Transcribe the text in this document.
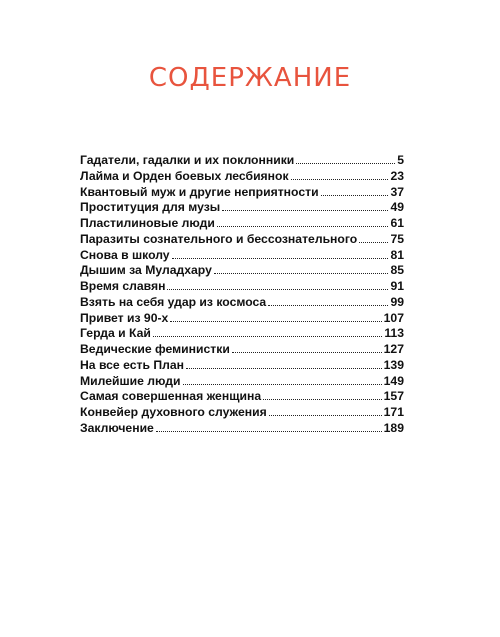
СОДЕРЖАНИЕ
Гадатели, гадалки и их поклонники	5
Лайма и Орден боевых лесбиянок	23
Квантовый муж и другие неприятности	37
Проституция для музы	49
Пластилиновые люди	61
Паразиты сознательного и бессознательного	75
Снова в школу	81
Дышим за Муладхару	85
Время славян	91
Взять на себя удар из космоса	99
Привет из 90-х	107
Герда и Кай	113
Ведические феминистки	127
На все есть План	139
Милейшие люди	149
Самая совершенная женщина	157
Конвейер духовного служения	171
Заключение	189
